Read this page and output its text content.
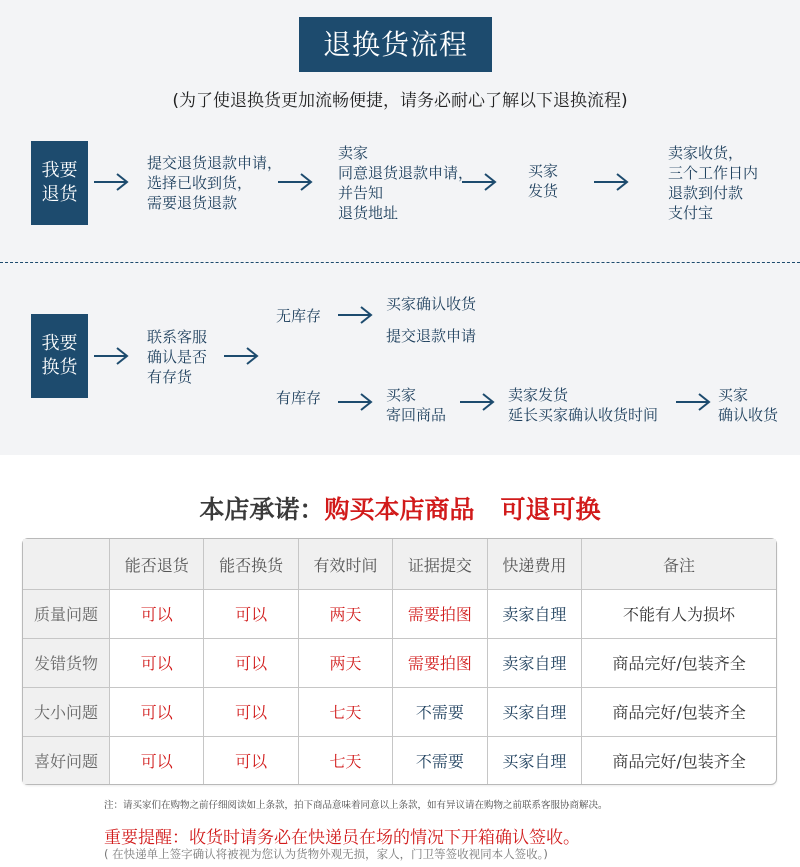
退换货流程
(为了使退换货更加流畅便捷，请务必耐心了解以下退换流程)
我要
退货
提交退货退款申请，
选择已收到货，
需要退货退款
卖家
同意退货退款申请，
并告知
退货地址
买家
发货
卖家收货，
三个工作日内
退款到付款
支付宝
我要
换货
联系客服
确认是否
有存货
无库存
买家确认收货
提交退款申请
有库存	买家
寄回商品
卖家发货
延长买家确认收货时间
买家
确认收货
本店承诺：购买本店商品   可退可换
	能否退货	能否换货	有效时间	证据提交	快递费用	备注
质量问题	可以	可以	两天	需要拍图	卖家自理	不能有人为损坏
发错货物	可以	可以	两天	需要拍图	卖家自理	商品完好/包装齐全
大小问题	可以	可以	七天	不需要	买家自理	商品完好/包装齐全
喜好问题	可以	可以	七天	不需要	买家自理	商品完好/包装齐全
注：请买家们在购物之前仔细阅读如上条款，拍下商品意味着同意以上条款，如有异议请在购物之前联系客服协商解决。
重要提醒：收货时请务必在快递员在场的情况下开箱确认签收。
( 在快递单上签字确认将被视为您认为货物外观无损，家人，门卫等签收视同本人签收。)
